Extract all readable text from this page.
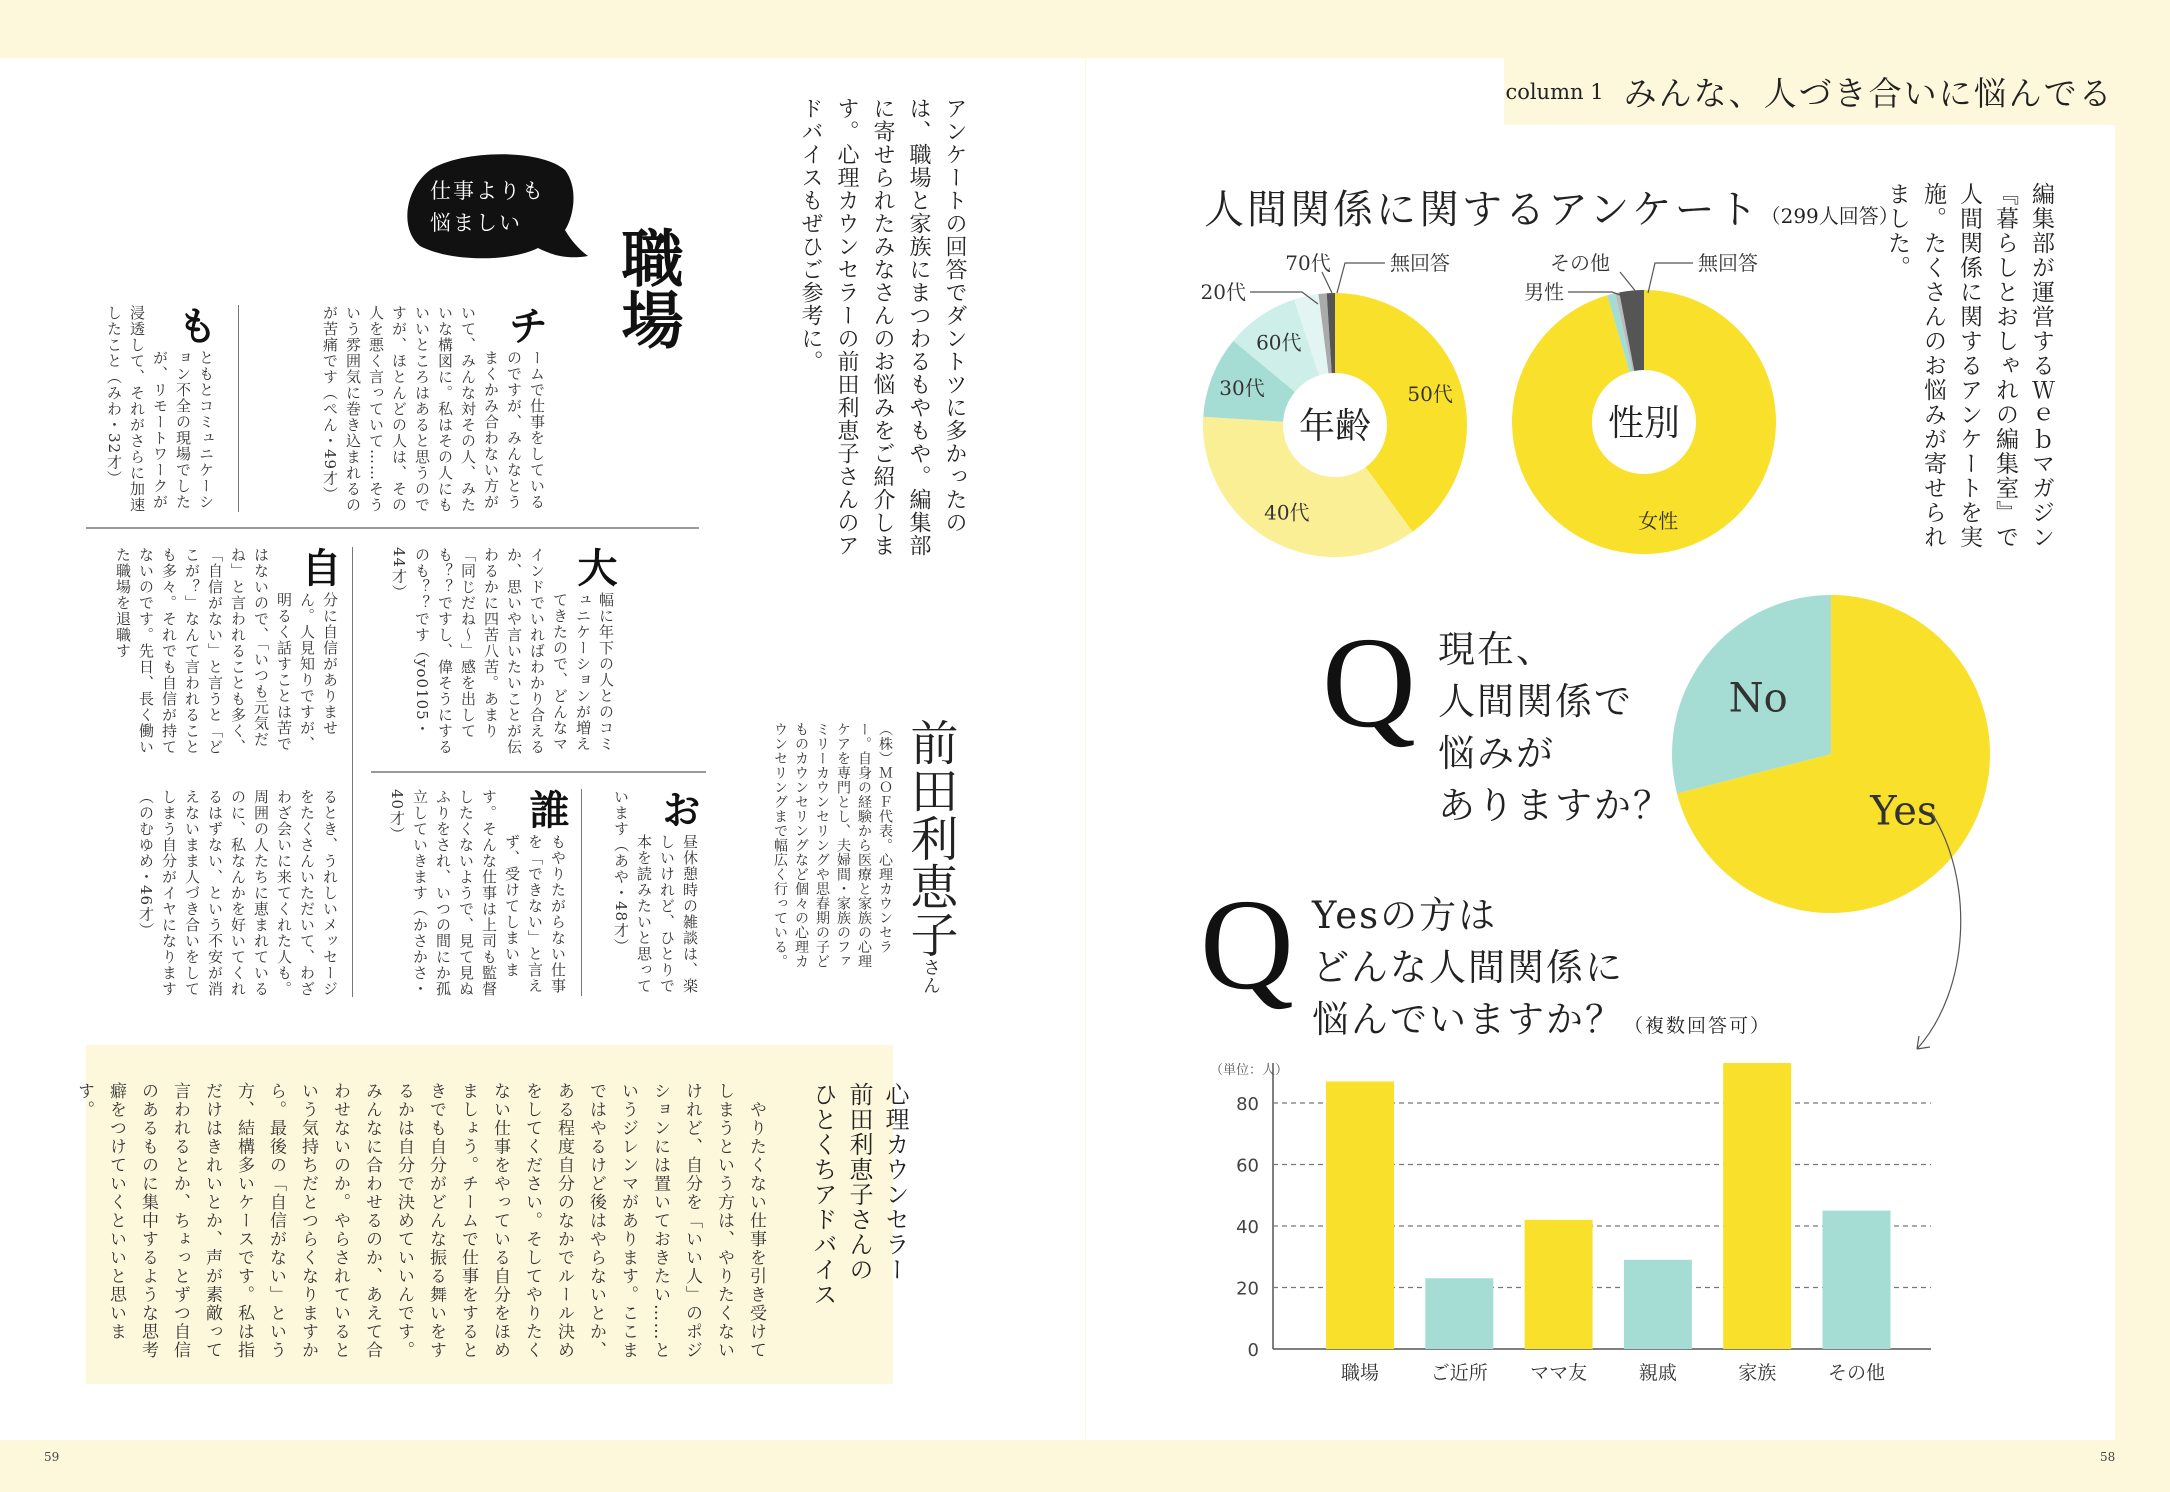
仕事よりも
悩ましい
職場	アンケートの回答でダントツに多かったのは、職場と家族にまつわるもやもや。編集部に寄せられたみなさんのお悩みをご紹介します。心理カウンセラーの前田利恵子さんのアドバイスもぜひご参考に。
チ
ームで仕事をしているのですが、みんなとうまくかみ合わない方がいて、みんな対その人、みたいな構図に。私はその人にもいいところはあると思うのですが、ほとんどの人は、その人を悪く言っていて……そういう雰囲気に巻き込まれるのが苦痛です（ぺん・49才）
も
ともとコミュニケーション不全の現場でしたが、リモートワークが浸透して、それがさらに加速したこと（みわ・32才）
大
幅に年下の人とのコミュニケーションが増えてきたので、どんなマインドでいればわかり合えるか、思いや言いたいことが伝わるかに四苦八苦。あまり「同じだね〜」感を出しても？？ですし、偉そうにするのも？？です（yo0105・44才）
自
分に自信がありません。人見知りですが、明るく話すことは苦ではないので、「いつも元気だね」と言われることも多く、「自信がない」と言うと「どこが？」なんて言われることも多々。それでも自信が持てないのです。先日、長く働いた職場を退職す
るとき、うれしいメッセージをたくさんいただいて、わざわざ会いに来てくれた人も。周囲の人たちに恵まれているのに、私なんかを好いてくれるはずない、という不安が消えないまま人づき合いをしてしまう自分がイヤになります（のむゆめ・46才）	誰
もやりたがらない仕事を「できない」と言えず、受けてしまいます。そんな仕事は上司も監督したくないようで、見て見ぬふりをされ、いつの間にか孤立していきます（かさかさ・40才）	お
昼休憩時の雑談は、楽しいけれど、ひとりで本を読みたいと思っています（あや・48才）	前田利恵子さん
（株）ＭＯＦ代表。心理カウンセラー。自身の経験から医療と家族の心理ケアを専門とし、夫婦間・家族のファミリーカウンセリングや思春期の子どものカウンセリングなど個々の心理カウンセリングまで幅広く行っている。
心理カウンセラー
前田利恵子さんの
ひとくちアドバイス
　やりたくない仕事を引き受けてしまうという方は、やりたくないけれど、自分を「いい人」のポジションには置いておきたい……というジレンマがあります。ここまではやるけど後はやらないとか、ある程度自分のなかでルール決めをしてください。そしてやりたくない仕事をやっている自分をほめましょう。チームで仕事をするときでも自分がどんな振る舞いをするかは自分で決めていいんです。みんなに合わせるのか、あえて合わせないのか。やらされているという気持ちだとつらくなりますから。最後の「自信がない」という方、結構多いケースです。私は指だけはきれいとか、声が素敵って言われるとか、ちょっとずつ自信のあるものに集中するような思考癖をつけていくといいと思います。
59
column 1 みんな、人づき合いに悩んでる
人間関係に関するアンケート（299人回答）	編集部が運営するＷｅｂマガジン『暮らしとおしゃれの編集室』で人間関係に関するアンケートを実施。たくさんのお悩みが寄せられました。
50代
40代
30代
60代
年齢
女性
性別
Yes
No
0
20
40
60
80
（単位：人）
職場	ご近所 ママ友	親戚	家族	その他
20代
70代	無回答
男性
その他	無回答
Q 現在、
人間関係で
悩みが
ありますか？
Q Yesの方は
どんな人間関係に
悩んでいますか？（複数回答可）
58
